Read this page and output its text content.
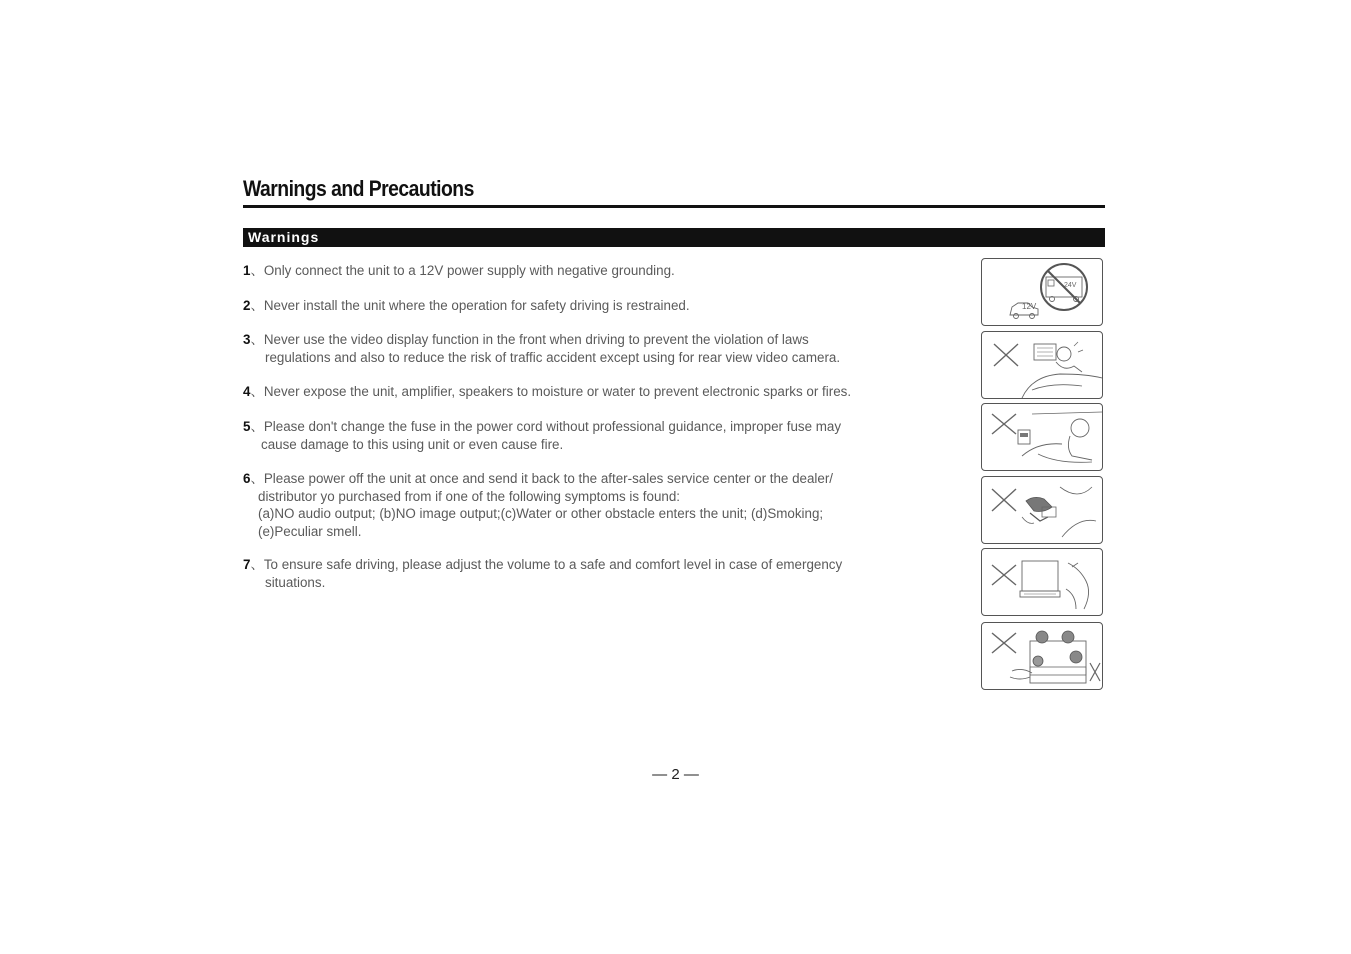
Warnings and Precautions
Warnings
1、Only connect the unit to a 12V power supply with negative grounding.
2、Never install the unit where the operation for safety driving is restrained.
3、Never use the video display function in the front when driving to prevent the violation of laws
regulations and also to reduce the risk of traffic accident except using for rear view video camera.
4、Never expose the unit, amplifier, speakers to moisture or water to prevent electronic sparks or fires.
5、Please don't change the fuse in the power cord without professional guidance, improper fuse may
cause damage to this using unit or even cause fire.
6、Please power off the unit at once and send it back to the after-sales service center or the dealer/
distributor yo purchased from if one of the following symptoms is found:
(a)NO audio output; (b)NO image output;(c)Water or other obstacle enters the unit; (d)Smoking;
(e)Peculiar smell.
7、To ensure safe driving, please adjust the volume to a safe and comfort level in case of emergency
situations.
12V
24V
— 2 —
